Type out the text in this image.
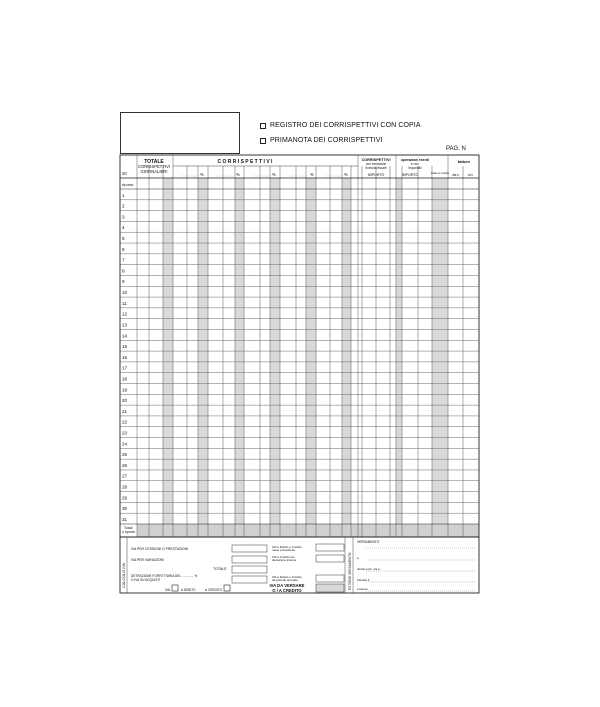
REGISTRO DEI CORRISPETTIVI CON COPIA
PRIMANOTA DEI CORRISPETTIVI
PAG. N
TOTALE
CORRISPETTIVI
GIORNALIERI
20
C O R R I S P E T T I V I
%	%	%	%	%
CORRISPETTIVI
con emissione
ricevuta fiscale
IMPORTO
operazioni esenti
e non
imponibili
IMPORTO	totale a credito
fatture
dal n.	al n.
riporto
1
2
3
4
5
6
7
8
9
10
11
12
13
14
15
16
17
18
19
20
21
22
23
24
25
26
27
28
29
30
31
Totali
o riporto
CALCOLO IVA	ESTREMI VERSAMENTO
IVA PER CESSIONI O PRESTAZIONI
IVA PER VARIAZIONI
TOTALE
DETRAZIONE FORFETTARIA DEL ............. %
O IVA SU ACQUISTI
IVA	A DEBITO	A CREDITO
IVA a Debito o Credito
mese precedente
IVA a Credito per
detrazione interna
IVA a Debito o Credito
da periodo annuale
IVA DA VERSARE
O / A CREDITO
VERSAMENTO
a
direttu prof. n/a a
Versato il
a favore
